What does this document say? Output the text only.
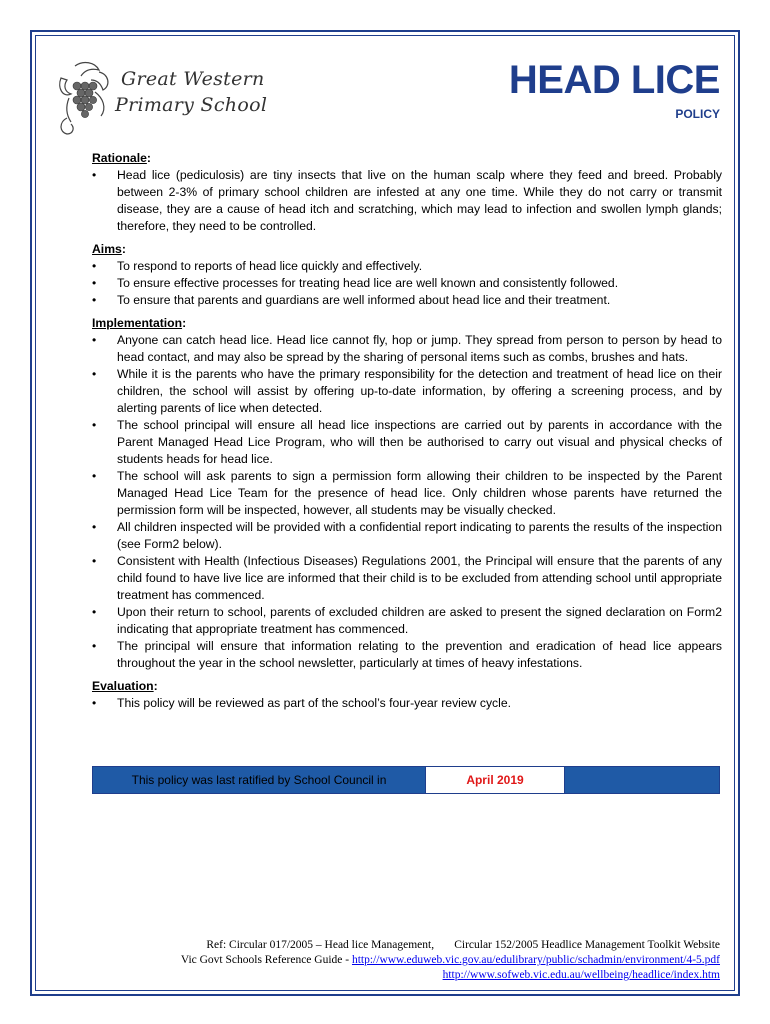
Great Western
Primary School
HEAD LICE
POLICY
Rationale :
• Head lice (pediculosis) are tiny insects that live on the human scalp where they feed and breed. Probably between 2-3% of primary school children are infested at any one time. While they do not carry or transmit disease, they are a cause of head itch and scratching, which may lead to infection and swollen lymph glands; therefore, they need to be controlled.
Aims :
• To respond to reports of head lice quickly and effectively.
• To ensure effective processes for treating head lice are well known and consistently followed.
• To ensure that parents and guardians are well informed about head lice and their treatment.
Implementation :
• Anyone can catch head lice. Head lice cannot fly, hop or jump. They spread from person to person by head to head contact, and may also be spread by the sharing of personal items such as combs, brushes and hats.
• While it is the parents who have the primary responsibility for the detection and treatment of head lice on their children, the school will assist by offering up-to-date information, by offering a screening process, and by alerting parents of lice when detected.
• The school principal will ensure all head lice inspections are carried out by parents in accordance with the Parent Managed Head Lice Program, who will then be authorised to carry out visual and physical checks of students heads for head lice.
• The school will ask parents to sign a permission form allowing their children to be inspected by the Parent Managed Head Lice Team for the presence of head lice. Only children whose parents have returned the permission form will be inspected, however, all students may be visually checked.
• All children inspected will be provided with a confidential report indicating to parents the results of the inspection (see Form2 below).
• Consistent with Health (Infectious Diseases) Regulations 2001, the Principal will ensure that the parents of any child found to have live lice are informed that their child is to be excluded from attending school until appropriate treatment has commenced.
• Upon their return to school, parents of excluded children are asked to present the signed declaration on Form2 indicating that appropriate treatment has commenced.
• The principal will ensure that information relating to the prevention and eradication of head lice appears throughout the year in the school newsletter, particularly at times of heavy infestations.
Evaluation :
• This policy will be reviewed as part of the school’s four-year review cycle.
This policy was last ratified by School Council in	April 2019
Ref: Circular 017/2005 – Head lice Management, Circular 152/2005 Headlice Management Toolkit Website
Vic Govt Schools Reference Guide - http://www.eduweb.vic.gov.au/edulibrary/public/schadmin/environment/4-5.pdf
http://www.sofweb.vic.edu.au/wellbeing/headlice/index.htm
